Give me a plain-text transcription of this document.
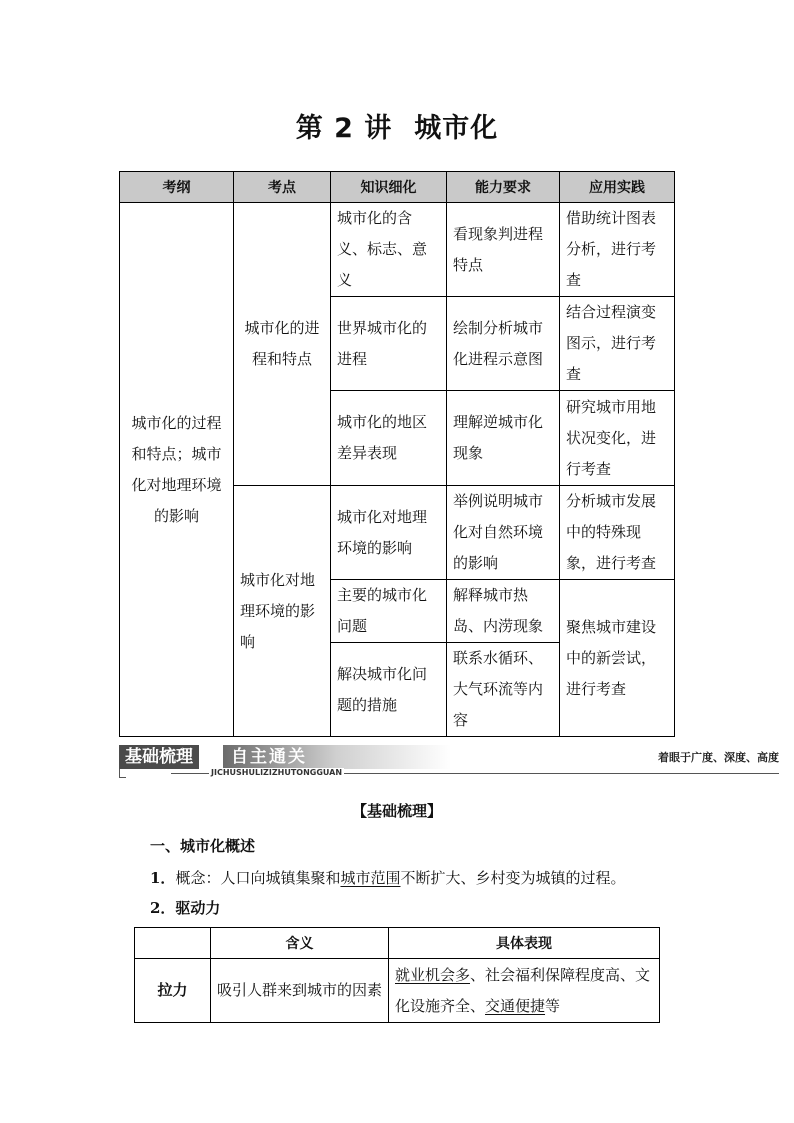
第 2 讲 城市化
考纲	考点	知识细化	能力要求	应用实践
城市化的过程和特点；城市化对地理环境的影响	城市化的进程和特点	城市化的含义、标志、意义	看现象判进程特点	借助统计图表分析，进行考查
		世界城市化的进程	绘制分析城市化进程示意图	结合过程演变图示，进行考查
		城市化的地区差异表现	理解逆城市化现象	研究城市用地状况变化，进行考查
	城市化对地理环境的影响	城市化对地理环境的影响	举例说明城市化对自然环境的影响	分析城市发展中的特殊现象，进行考查
		主要的城市化问题	解释城市热岛、内涝现象	聚焦城市建设中的新尝试，进行考查
		解决城市化问题的措施	联系水循环、大气环流等内容	
基础梳理	自主通关
JICHUSHULIZIZHUTONGGUAN
着眼于广度、深度、高度
【基础梳理】
一、城市化概述
1．概念：人口向城镇集聚和城市范围不断扩大、乡村变为城镇的过程。
2．驱动力
	含义	具体表现
拉力	吸引人群来到城市的因素	就业机会多、社会福利保障程度高、文化设施齐全、交通便捷等
